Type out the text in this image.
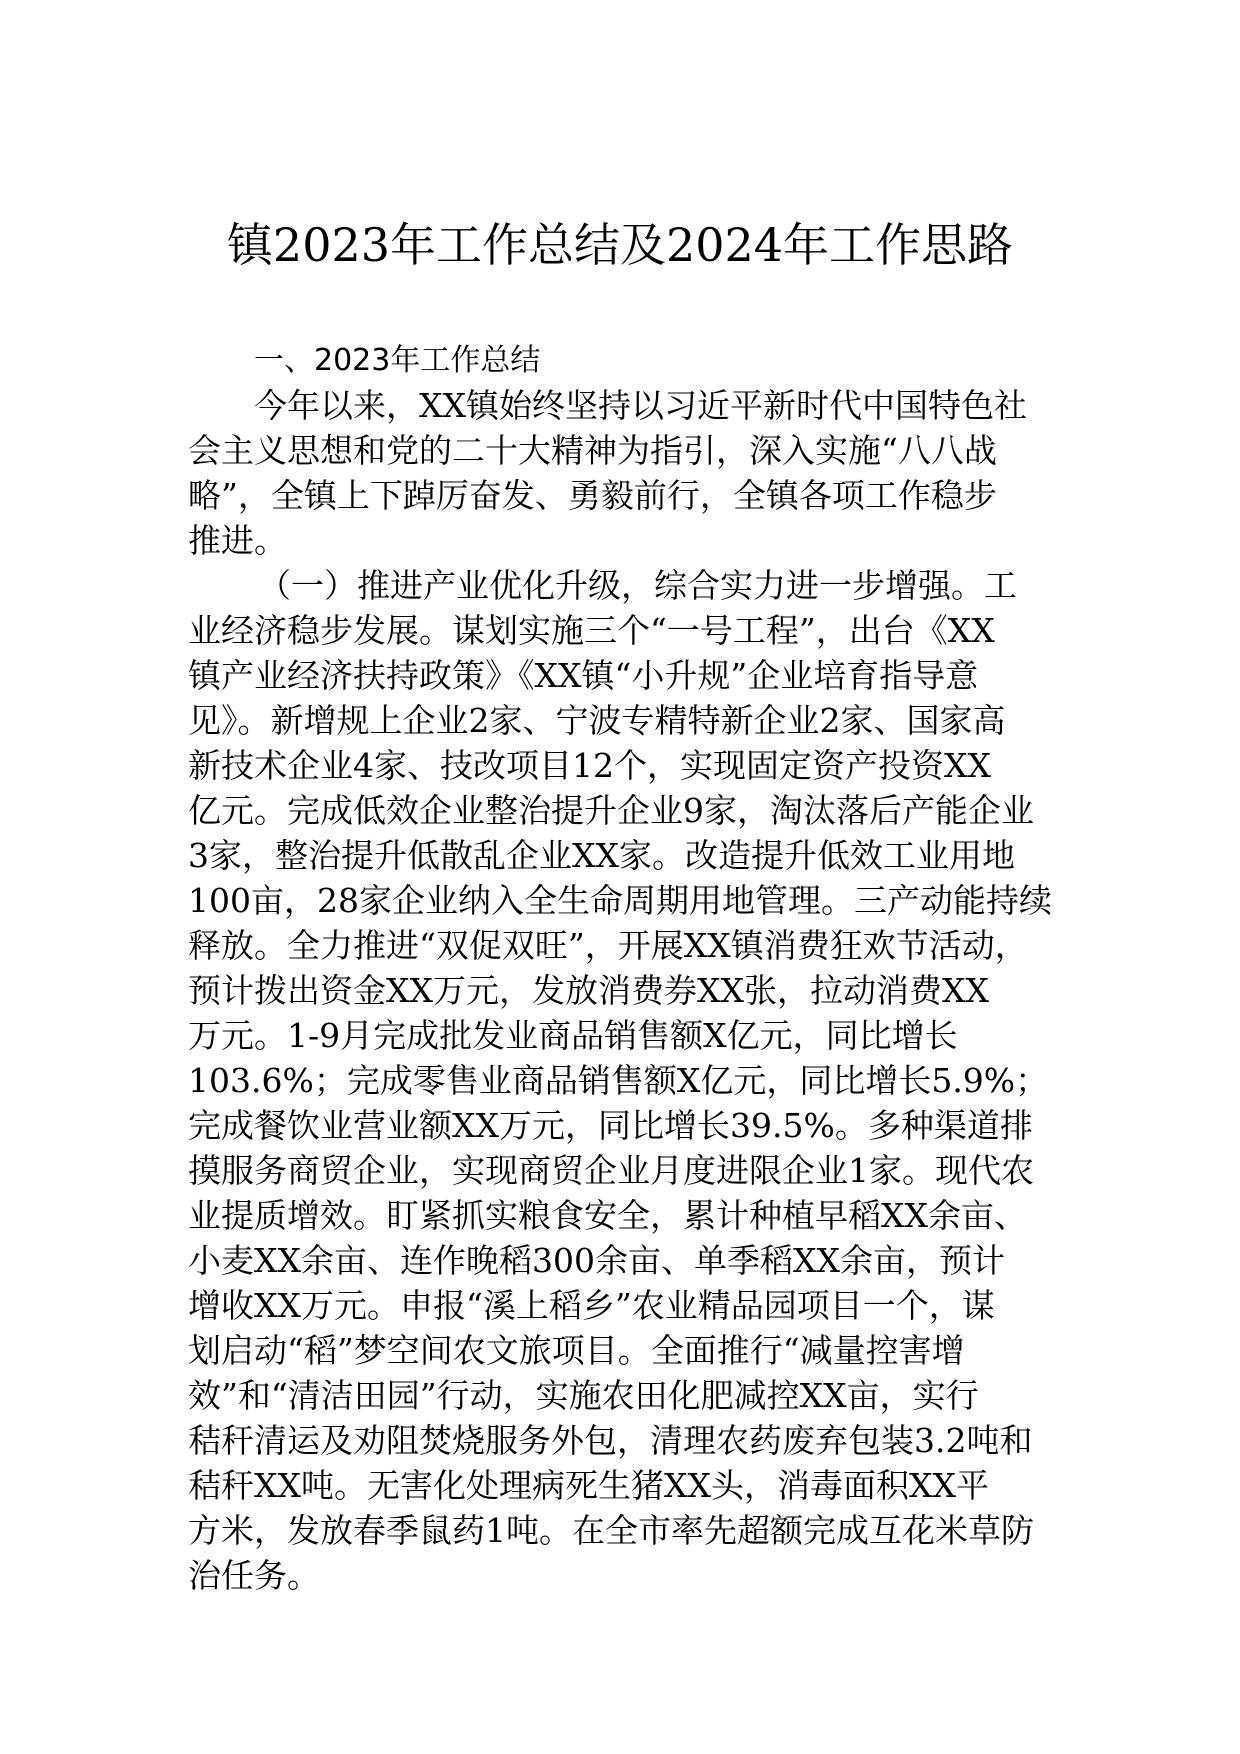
镇2023年工作总结及2024年工作思路
一、2023年工作总结
今年以来，XX镇始终坚持以习近平新时代中国特色社
会主义思想和党的二十大精神为指引，深入实施“八八战
略”，全镇上下踔厉奋发、勇毅前行，全镇各项工作稳步
推进。
（一）推进产业优化升级，综合实力进一步增强。工
业经济稳步发展。谋划实施三个“一号工程”，出台《XX
镇产业经济扶持政策》《XX镇“小升规”企业培育指导意
见》。新增规上企业2家、宁波专精特新企业2家、国家高
新技术企业4家、技改项目12个，实现固定资产投资XX
亿元。完成低效企业整治提升企业9家，淘汰落后产能企业
3家，整治提升低散乱企业XX家。改造提升低效工业用地
100亩，28家企业纳入全生命周期用地管理。三产动能持续
释放。全力推进“双促双旺”，开展XX镇消费狂欢节活动，
预计拨出资金XX万元，发放消费券XX张，拉动消费XX
万元。1-9月完成批发业商品销售额X亿元，同比增长
103.6%；完成零售业商品销售额X亿元，同比增长5.9%；
完成餐饮业营业额XX万元，同比增长39.5%。多种渠道排
摸服务商贸企业，实现商贸企业月度进限企业1家。现代农
业提质增效。盯紧抓实粮食安全，累计种植早稻XX余亩、
小麦XX余亩、连作晚稻300余亩、单季稻XX余亩，预计
增收XX万元。申报“溪上稻乡”农业精品园项目一个，谋
划启动“稻”梦空间农文旅项目。全面推行“减量控害增
效”和“清洁田园”行动，实施农田化肥减控XX亩，实行
秸秆清运及劝阻焚烧服务外包，清理农药废弃包装3.2吨和
秸秆XX吨。无害化处理病死生猪XX头，消毒面积XX平
方米，发放春季鼠药1吨。在全市率先超额完成互花米草防
治任务。
